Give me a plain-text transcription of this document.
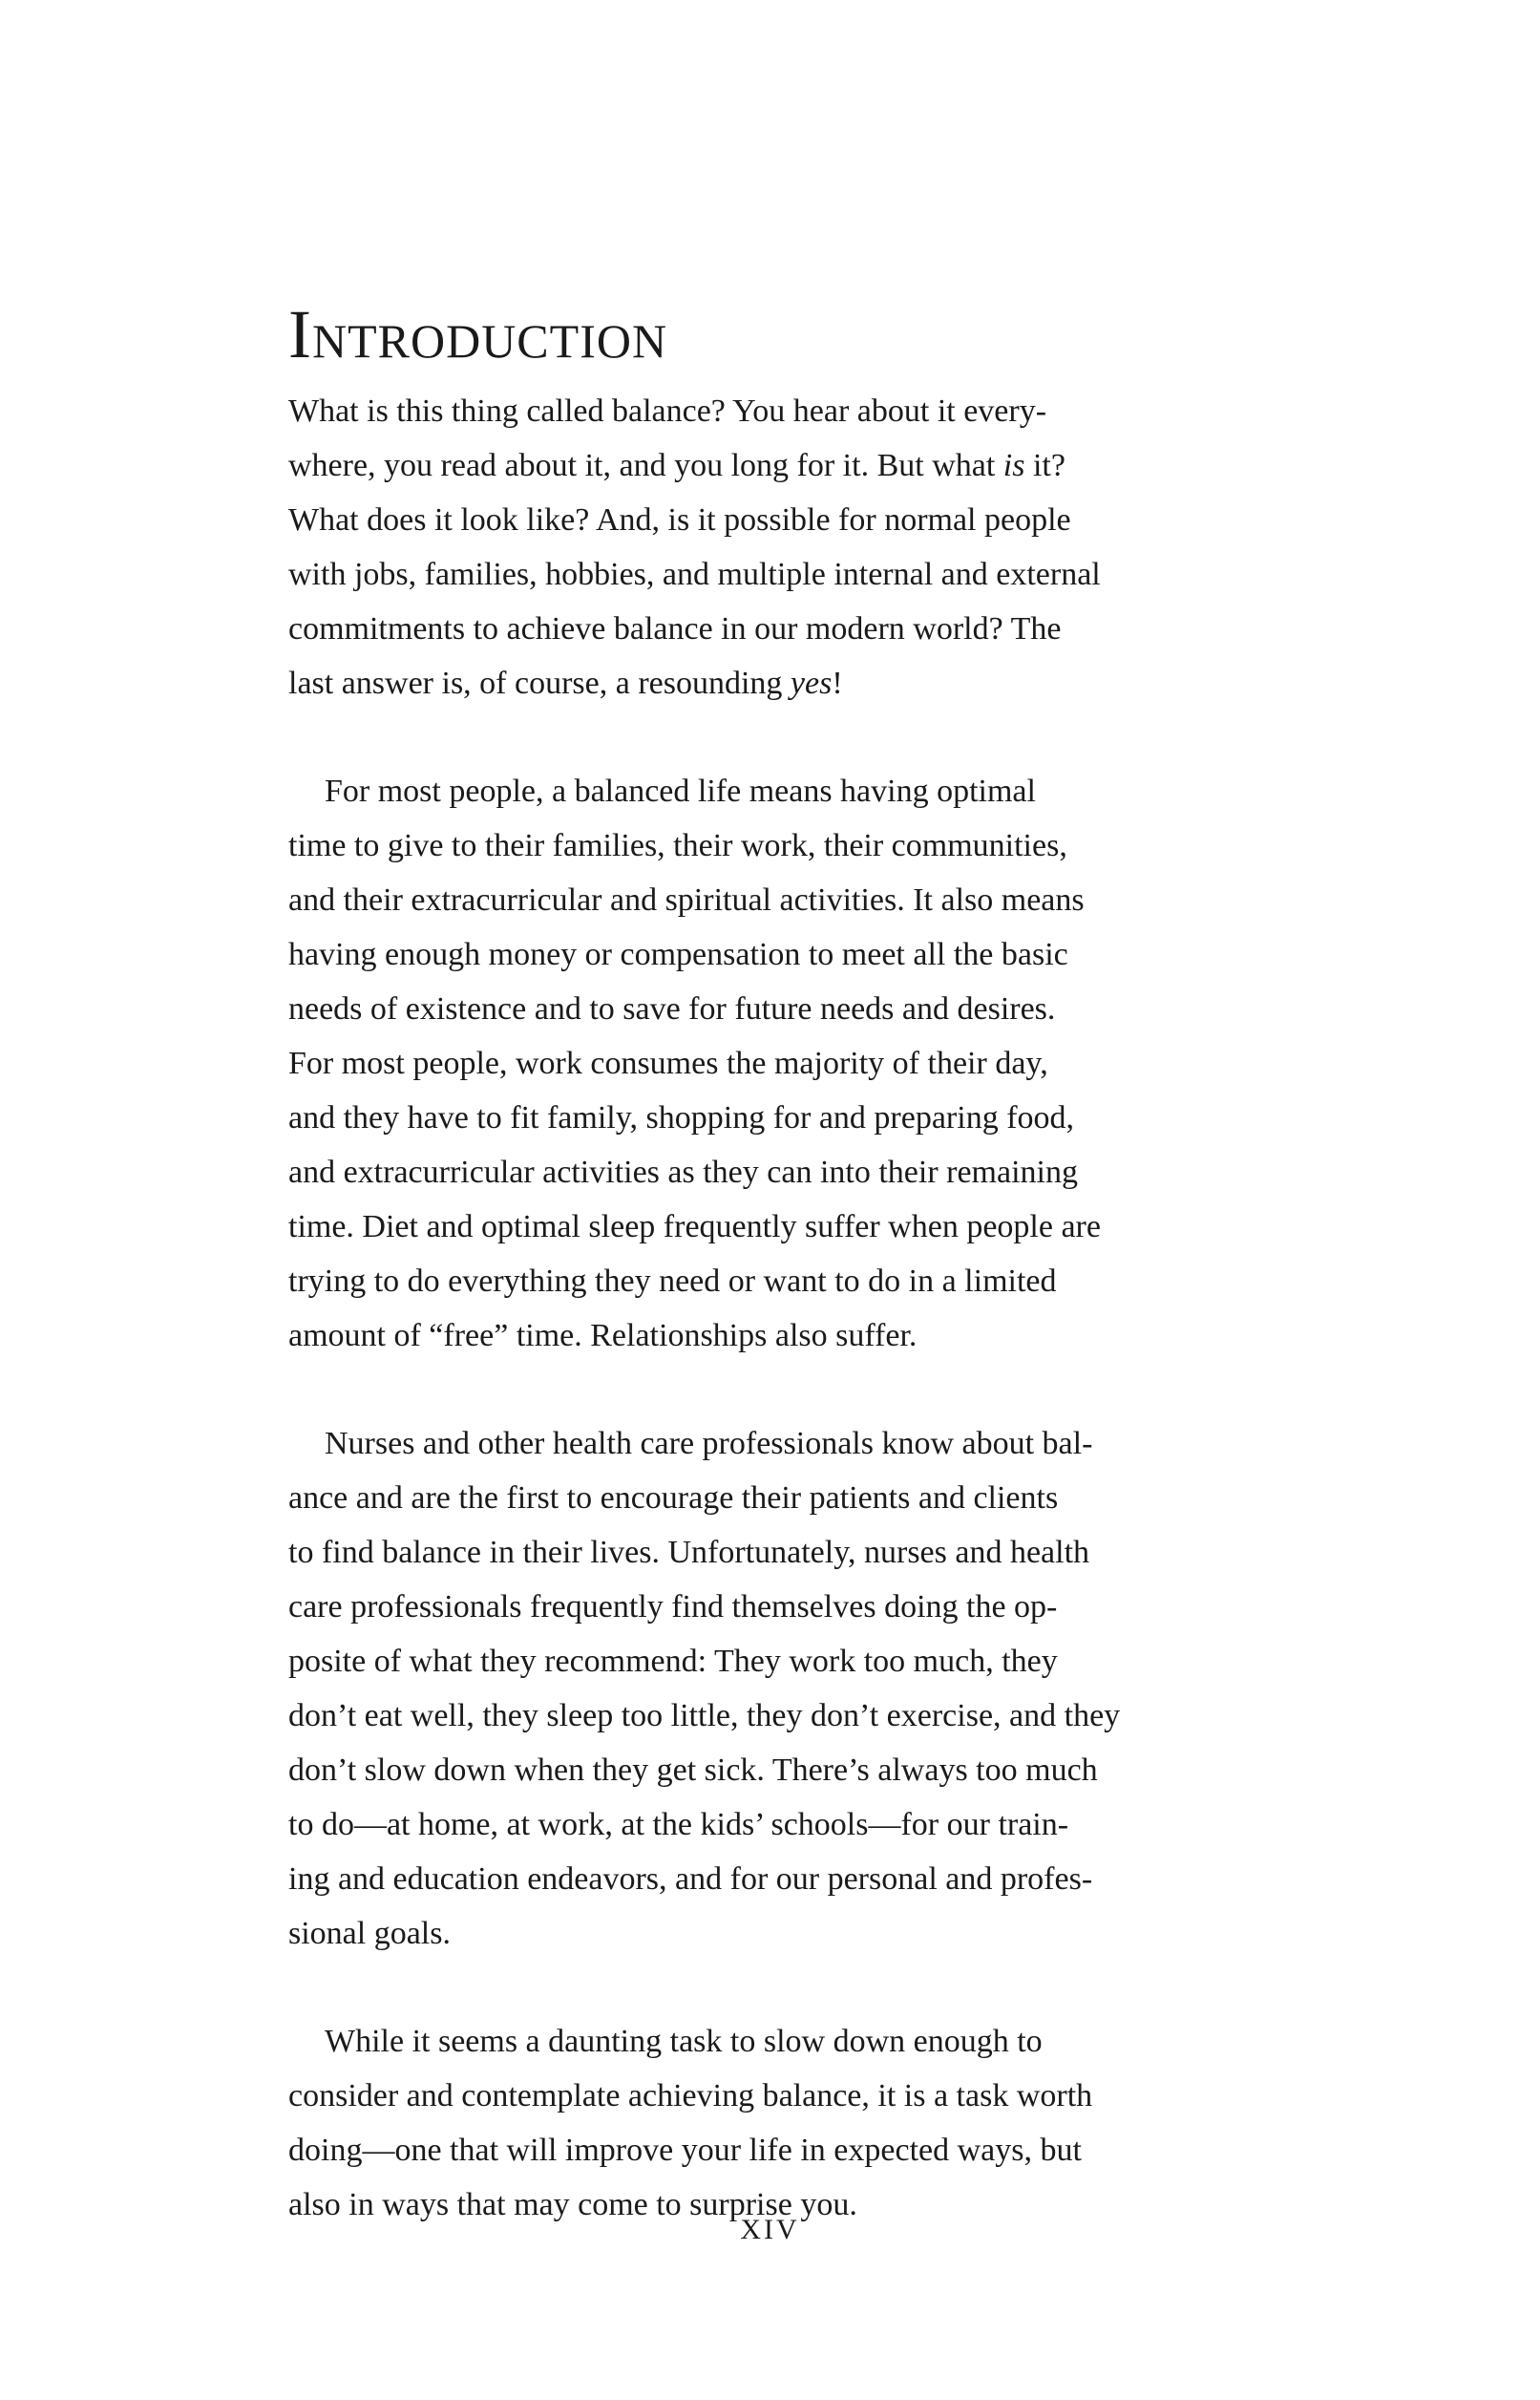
INTRODUCTION
What is this thing called balance? You hear about it every-
where, you read about it, and you long for it. But what is it?
What does it look like? And, is it possible for normal people
with jobs, families, hobbies, and multiple internal and external
commitments to achieve balance in our modern world? The
last answer is, of course, a resounding yes!
For most people, a balanced life means having optimal
time to give to their families, their work, their communities,
and their extracurricular and spiritual activities. It also means
having enough money or compensation to meet all the basic
needs of existence and to save for future needs and desires.
For most people, work consumes the majority of their day,
and they have to fit family, shopping for and preparing food,
and extracurricular activities as they can into their remaining
time. Diet and optimal sleep frequently suffer when people are
trying to do everything they need or want to do in a limited
amount of “free” time. Relationships also suffer.
Nurses and other health care professionals know about bal-
ance and are the first to encourage their patients and clients
to find balance in their lives. Unfortunately, nurses and health
care professionals frequently find themselves doing the op-
posite of what they recommend: They work too much, they
don’t eat well, they sleep too little, they don’t exercise, and they
don’t slow down when they get sick. There’s always too much
to do—at home, at work, at the kids’ schools—for our train-
ing and education endeavors, and for our personal and profes-
sional goals.
While it seems a daunting task to slow down enough to
consider and contemplate achieving balance, it is a task worth
doing—one that will improve your life in expected ways, but
also in ways that may come to surprise you.
XIV
